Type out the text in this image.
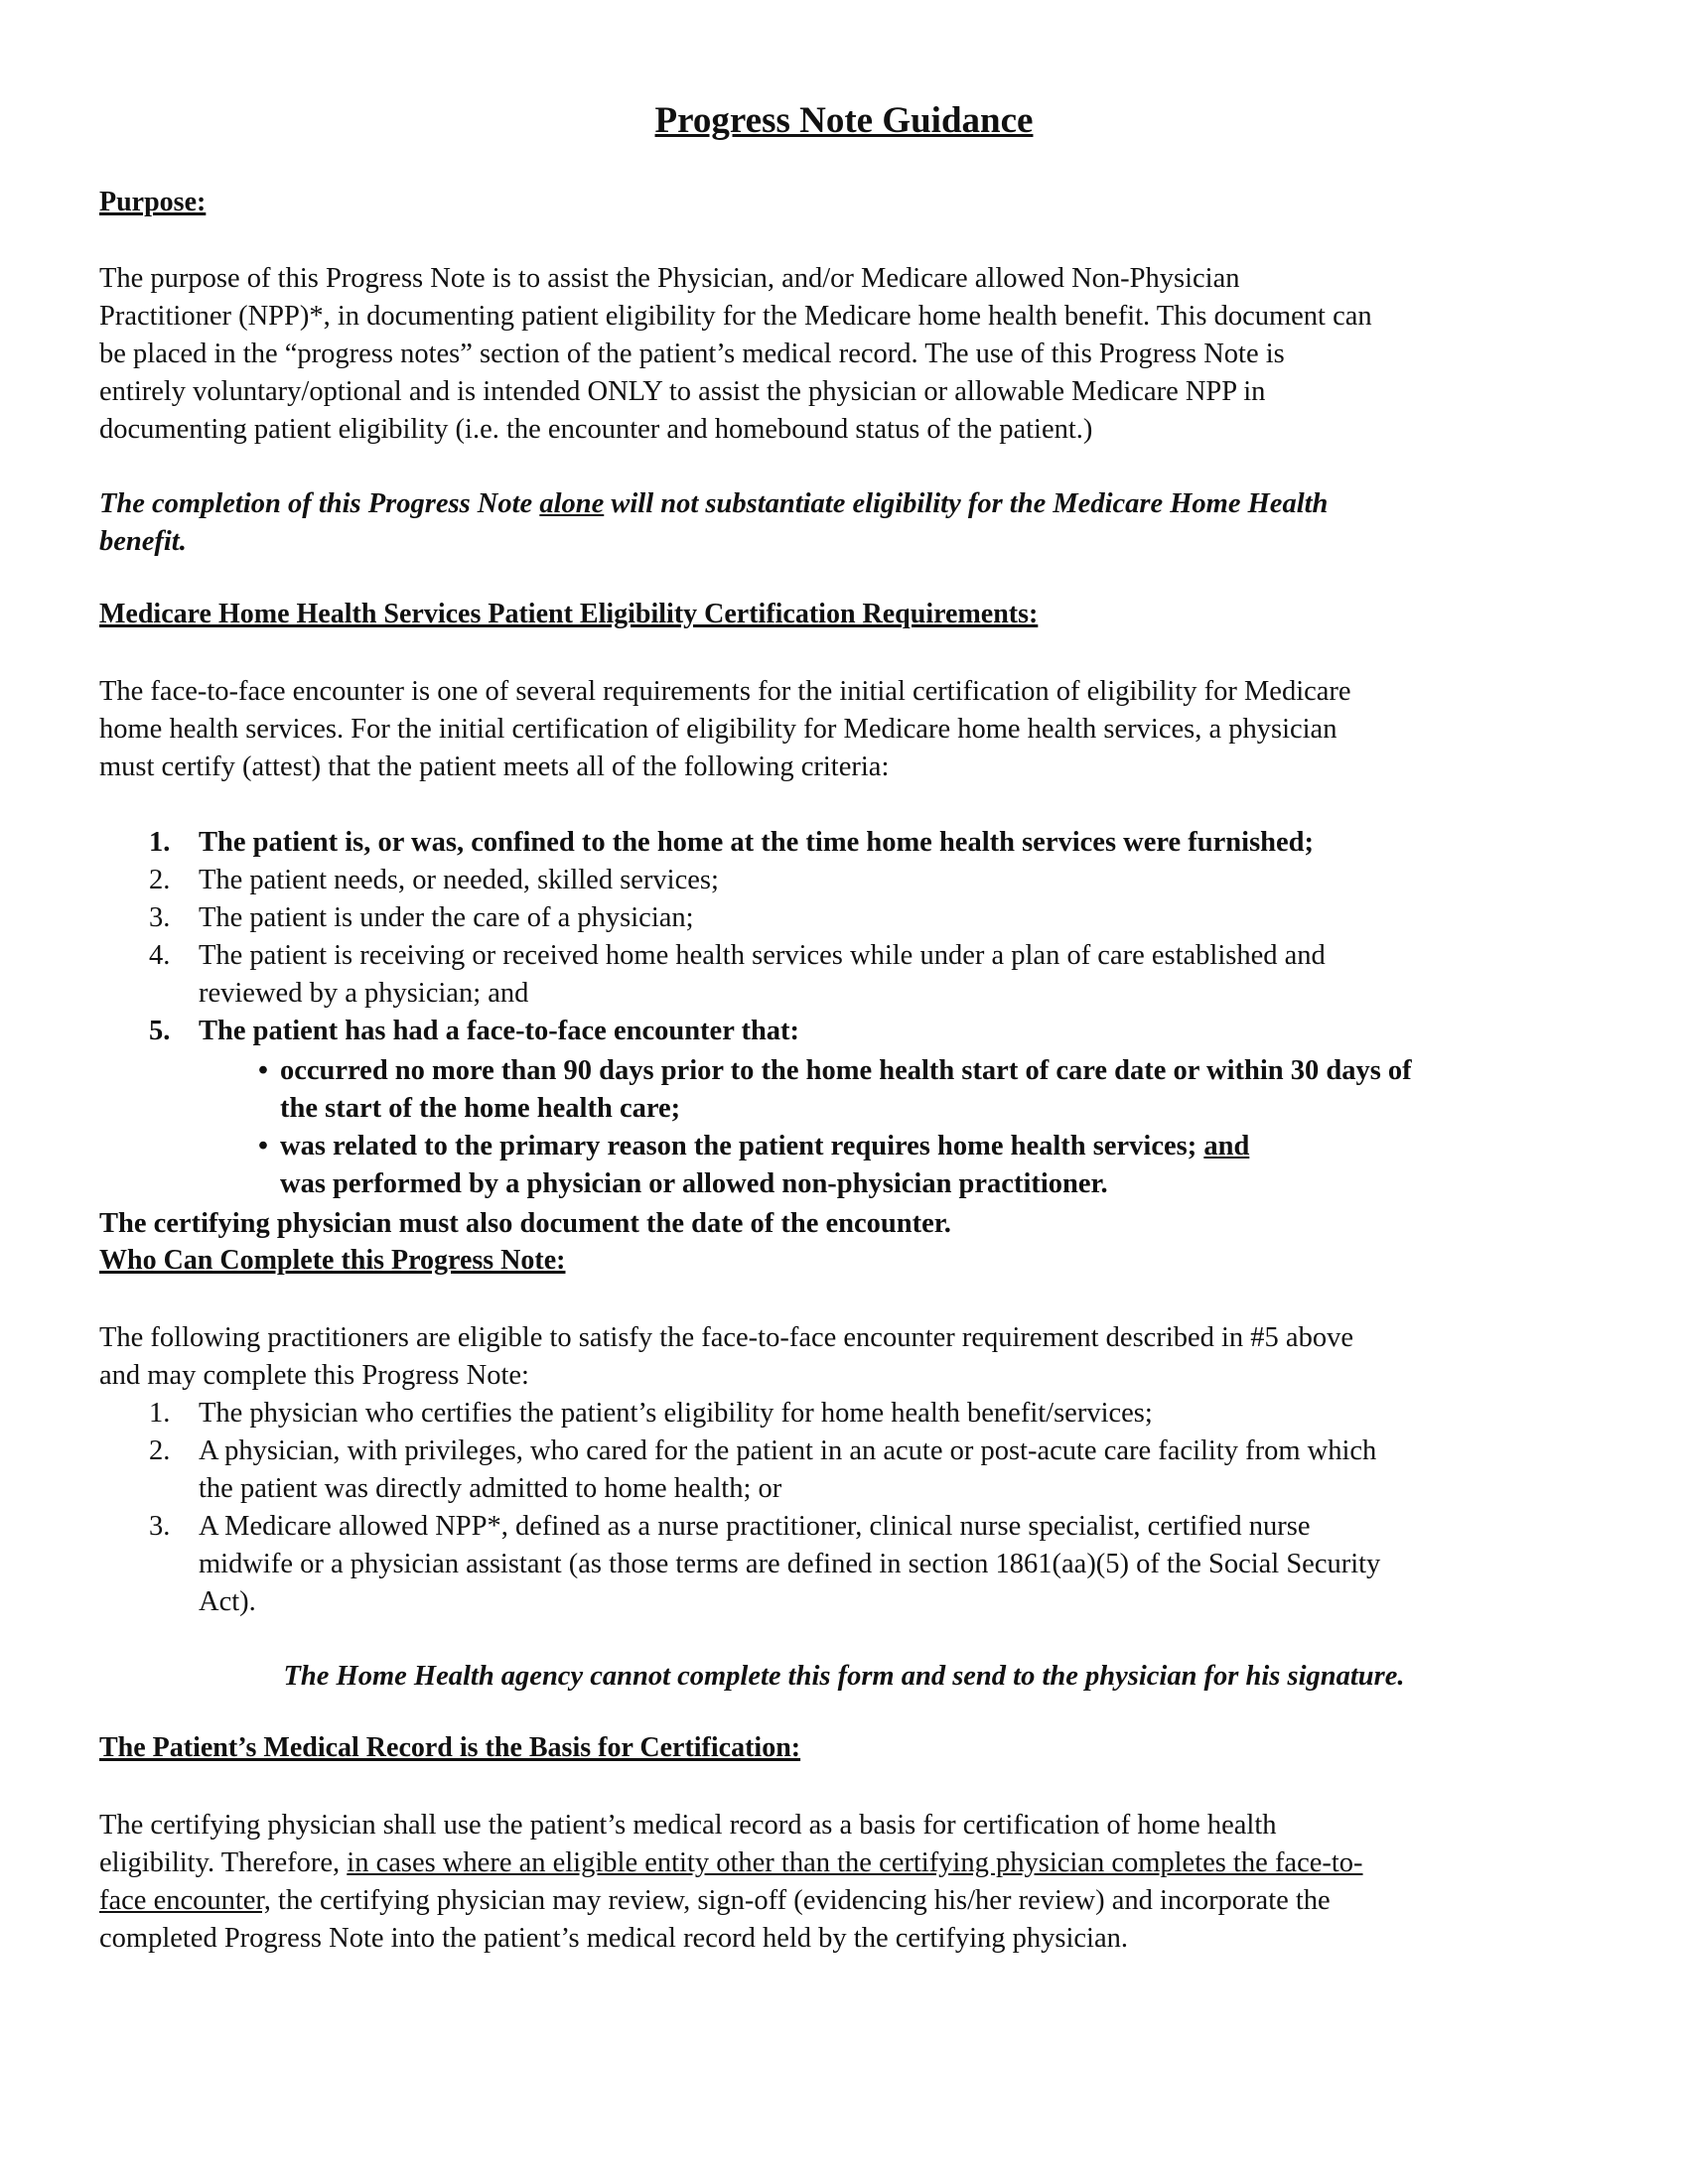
Progress Note Guidance
Purpose:
The purpose of this Progress Note is to assist the Physician, and/or Medicare allowed Non-Physician
Practitioner (NPP)*, in documenting patient eligibility for the Medicare home health benefit. This document can
be placed in the “progress notes” section of the patient’s medical record. The use of this Progress Note is
entirely voluntary/optional and is intended ONLY to assist the physician or allowable Medicare NPP in
documenting patient eligibility (i.e. the encounter and homebound status of the patient.)
The completion of this Progress Note alone will not substantiate eligibility for the Medicare Home Health
benefit.
Medicare Home Health Services Patient Eligibility Certification Requirements:
The face-to-face encounter is one of several requirements for the initial certification of eligibility for Medicare
home health services. For the initial certification of eligibility for Medicare home health services, a physician
must certify (attest) that the patient meets all of the following criteria:
1. The patient is, or was, confined to the home at the time home health services were furnished;
2. The patient needs, or needed, skilled services;
3. The patient is under the care of a physician;
4. The patient is receiving or received home health services while under a plan of care established and
reviewed by a physician; and
5. The patient has had a face-to-face encounter that:
• occurred no more than 90 days prior to the home health start of care date or within 30 days of
the start of the home health care;
• was related to the primary reason the patient requires home health services; and
was performed by a physician or allowed non-physician practitioner.
The certifying physician must also document the date of the encounter.
Who Can Complete this Progress Note:
The following practitioners are eligible to satisfy the face-to-face encounter requirement described in #5 above
and may complete this Progress Note:
1. The physician who certifies the patient’s eligibility for home health benefit/services;
2. A physician, with privileges, who cared for the patient in an acute or post-acute care facility from which
the patient was directly admitted to home health; or
3. A Medicare allowed NPP*, defined as a nurse practitioner, clinical nurse specialist, certified nurse
midwife or a physician assistant (as those terms are defined in section 1861(aa)(5) of the Social Security
Act).
The Home Health agency cannot complete this form and send to the physician for his signature.
The Patient’s Medical Record is the Basis for Certification:
The certifying physician shall use the patient’s medical record as a basis for certification of home health
eligibility. Therefore, in cases where an eligible entity other than the certifying physician completes the face-to-
face encounter, the certifying physician may review, sign-off (evidencing his/her review) and incorporate the
completed Progress Note into the patient’s medical record held by the certifying physician.
